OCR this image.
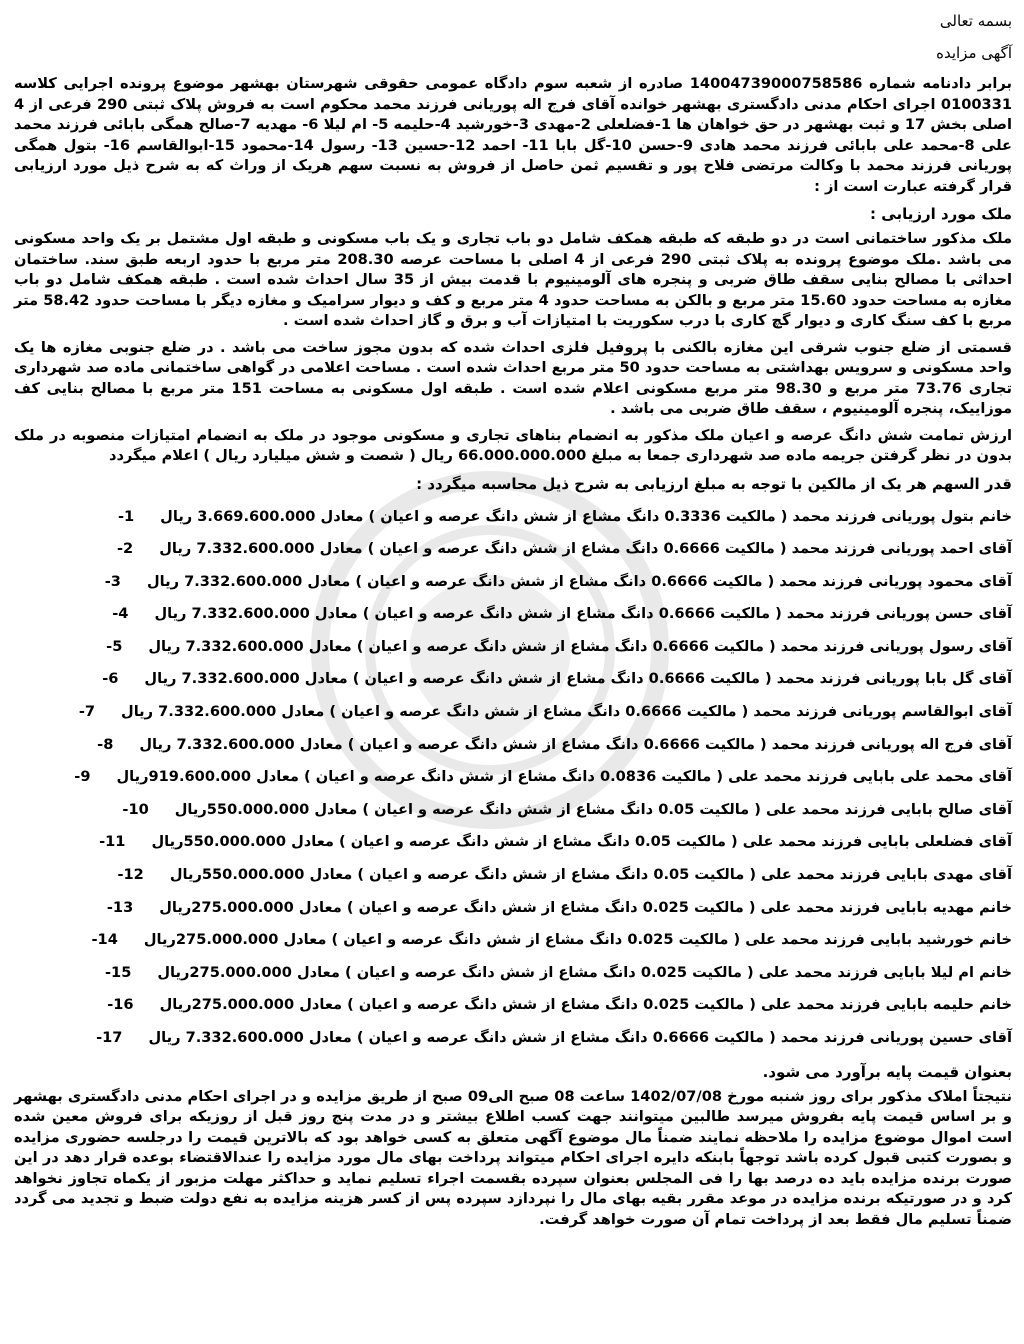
بسمه تعالی
آگهی مزایده

برابر دادنامه شماره 14004739000758586 صادره از شعبه سوم دادگاه عمومی حقوقی شهرستان بهشهر موضوع پرونده اجرایی کلاسه 0100331 اجرای احکام مدنی دادگستری بهشهر خوانده آقای فرج اله پوریانی فرزند محمد محکوم است به فروش پلاک ثبتی 290 فرعی از 4 اصلی بخش 17 و ثبت بهشهر در حق خواهان ها 1-فضلعلی 2-مهدی 3-خورشید 4-حلیمه 5- ام لیلا 6- مهدیه 7-صالح همگی بابائی فرزند محمد علی 8-محمد علی بابائی فرزند محمد هادی 9-حسن 10-گل بابا 11- احمد 12-حسین 13- رسول 14-محمود 15-ابوالقاسم 16- بتول همگی پوریانی فرزند محمد با وکالت مرتضی فلاح پور و تقسیم ثمن حاصل از فروش به نسبت سهم هریک از وراث که به شرح ذیل مورد ارزیابی قرار گرفته عبارت است از :

ملک مورد ارزیابی :

ملک مذکور ساختمانی است در دو طبقه که طبقه همکف شامل دو باب تجاری و یک باب مسکونی و طبقه اول مشتمل بر یک واحد مسکونی می باشد .ملک موضوع پرونده به پلاک ثبتی 290 فرعی از 4 اصلی با مساحت عرصه 208.30 متر مربع با حدود اربعه طبق سند. ساختمان احداثی با مصالح بنایی سقف طاق ضربی و پنجره های آلومینیوم با قدمت بیش از 35 سال احداث شده است . طبقه همکف شامل دو باب مغازه به مساحت حدود 15.60 متر مربع و بالکن به مساحت حدود 4 متر مربع و کف و دیوار سرامیک و مغازه دیگر با مساحت حدود 58.42 متر مربع با کف سنگ کاری و دیوار گچ کاری با درب سکوریت با امتیازات آب و برق و گاز احداث شده است .

قسمتی از ضلع جنوب شرقی این مغازه بالکنی با پروفیل فلزی احداث شده که بدون مجوز ساخت می باشد . در ضلع جنوبی مغازه ها یک واحد مسکونی و سرویس بهداشتی به مساحت حدود 50 متر مربع احداث شده است . مساحت اعلامی در گواهی ساختمانی ماده صد شهرداری تجاری 73.76 متر مربع و 98.30 متر مربع مسکونی اعلام شده است . طبقه اول مسکونی به مساحت 151 متر مربع با مصالح بنایی کف موزاییک، پنجره آلومینیوم ، سقف طاق ضربی می باشد .

ارزش تمامت شش دانگ عرصه و اعیان ملک مذکور به انضمام بناهای تجاری و مسکونی موجود در ملک به انضمام امتیازات منصوبه در ملک بدون در نظر گرفتن جریمه ماده صد شهرداری جمعا به مبلغ 66.000.000.000 ریال ( شصت و شش میلیارد ریال ) اعلام میگردد

قدر السهم هر یک از مالکین با توجه به مبلغ ارزیابی به شرح ذیل محاسبه میگردد :
خانم بتول پوریانی فرزند محمد ( مالکیت 0.3336 دانگ مشاع از شش دانگ عرصه و اعیان ) معادل 3.669.600.000 ریال1-
آقای احمد پوریانی فرزند محمد ( مالکیت 0.6666 دانگ مشاع از شش دانگ عرصه و اعیان ) معادل 7.332.600.000 ریال2-
آقای محمود پوریانی فرزند محمد ( مالکیت 0.6666 دانگ مشاع از شش دانگ عرصه و اعیان ) معادل 7.332.600.000 ریال3-
آقای حسن پوریانی فرزند محمد ( مالکیت 0.6666 دانگ مشاع از شش دانگ عرصه و اعیان ) معادل 7.332.600.000 ریال4-
آقای رسول پوریانی فرزند محمد ( مالکیت 0.6666 دانگ مشاع از شش دانگ عرصه و اعیان ) معادل 7.332.600.000 ریال5-
آقای گل بابا پوریانی فرزند محمد ( مالکیت 0.6666 دانگ مشاع از شش دانگ عرصه و اعیان ) معادل 7.332.600.000 ریال6-
آقای ابوالقاسم پوریانی فرزند محمد ( مالکیت 0.6666 دانگ مشاع از شش دانگ عرصه و اعیان ) معادل 7.332.600.000 ریال7-
آقای فرج اله پوریانی فرزند محمد ( مالکیت 0.6666 دانگ مشاع از شش دانگ عرصه و اعیان ) معادل 7.332.600.000 ریال8-
آقای محمد علی بابایی فرزند محمد علی ( مالکیت 0.0836 دانگ مشاع از شش دانگ عرصه و اعیان ) معادل 919.600.000ریال9-
آقای صالح بابایی فرزند محمد علی ( مالکیت 0.05 دانگ مشاع از شش دانگ عرصه و اعیان ) معادل 550.000.000ریال10-
آقای فضلعلی بابایی فرزند محمد علی ( مالکیت 0.05 دانگ مشاع از شش دانگ عرصه و اعیان ) معادل 550.000.000ریال11-
آقای مهدی بابایی فرزند محمد علی ( مالکیت 0.05 دانگ مشاع از شش دانگ عرصه و اعیان ) معادل 550.000.000ریال12-
خانم مهدیه بابایی فرزند محمد علی ( مالکیت 0.025 دانگ مشاع از شش دانگ عرصه و اعیان ) معادل 275.000.000ریال13-
خانم خورشید بابایی فرزند محمد علی ( مالکیت 0.025 دانگ مشاع از شش دانگ عرصه و اعیان ) معادل 275.000.000ریال14-
خانم ام لیلا بابایی فرزند محمد علی ( مالکیت 0.025 دانگ مشاع از شش دانگ عرصه و اعیان ) معادل 275.000.000ریال15-
خانم حلیمه بابایی فرزند محمد علی ( مالکیت 0.025 دانگ مشاع از شش دانگ عرصه و اعیان ) معادل 275.000.000ریال16-
آقای حسین پوریانی فرزند محمد ( مالکیت 0.6666 دانگ مشاع از شش دانگ عرصه و اعیان ) معادل 7.332.600.000 ریال17-
بعنوان قیمت پایه برآورد می شود.

نتیجتاً املاک مذکور برای روز شنبه مورخ 1402/07/08 ساعت 08 صبح الی09 صبح از طریق مزایده و در اجرای احکام مدنی دادگستری بهشهر و بر اساس قیمت پایه بفروش میرسد طالبین میتوانند جهت کسب اطلاع بیشتر و در مدت پنج روز قبل از روزیکه برای فروش معین شده است اموال موضوع مزایده را ملاحظه نمایند ضمناً مال موضوع آگهی متعلق به کسی خواهد بود که بالاترین قیمت را درجلسه حضوری مزایده و بصورت کتبی قبول کرده باشد توجهاً بابنکه دایره اجرای احکام میتواند پرداخت بهای مال مورد مزایده را عندالاقتضاء بوعده قرار دهد در این صورت برنده مزایده باید ده درصد بها را فی المجلس بعنوان سپرده بقسمت اجراء تسلیم نماید و حداکثر مهلت مزبور از یکماه تجاوز نخواهد کرد و در صورتیکه برنده مزایده در موعد مقرر بقیه بهای مال را نپردازد سپرده پس از کسر هزینه مزایده به نفع دولت ضبط و تجدید می گردد ضمناً تسلیم مال فقط بعد از پرداخت تمام آن صورت خواهد گرفت.
